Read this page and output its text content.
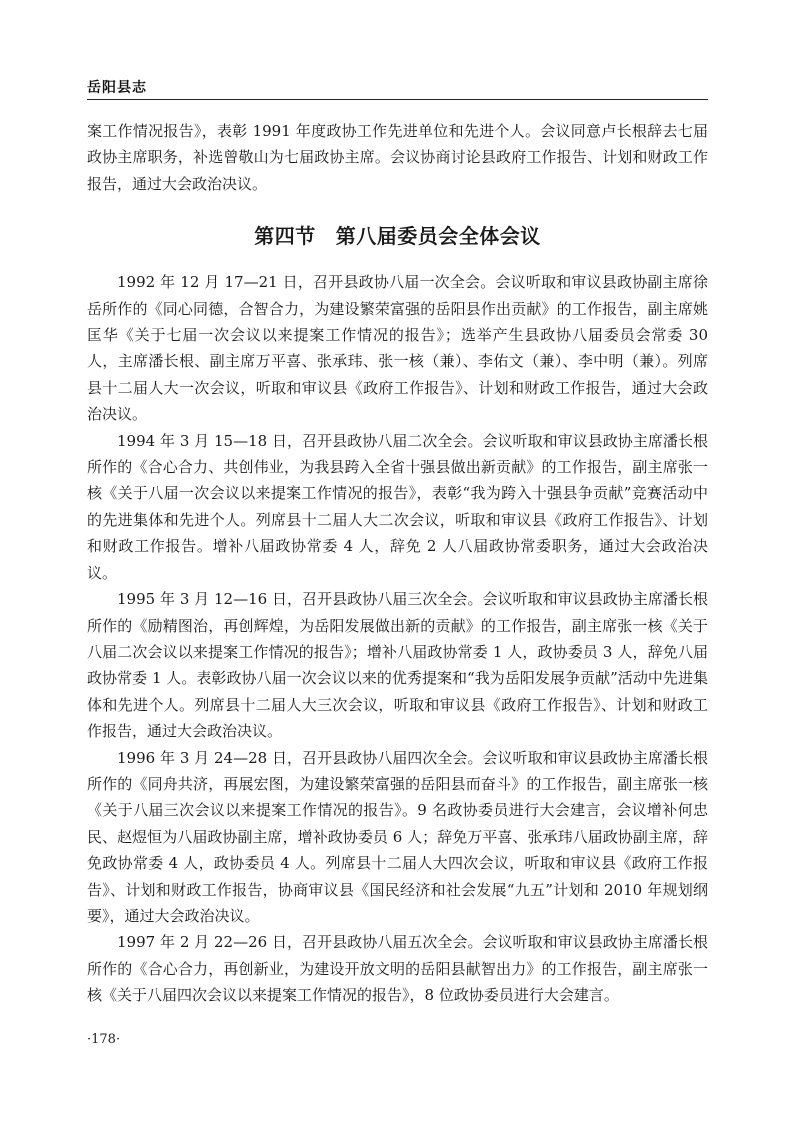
岳阳县志

案工作情况报告》，表彰 1991 年度政协工作先进单位和先进个人。会议同意卢长根辞去七届政协主席职务，补选曾敬山为七届政协主席。会议协商讨论县政府工作报告、计划和财政工作报告，通过大会政治决议。

第四节 第八届委员会全体会议

1992 年 12 月 17—21 日，召开县政协八届一次全会。会议听取和审议县政协副主席徐岳所作的《同心同德，合智合力，为建设繁荣富强的岳阳县作出贡献》的工作报告，副主席姚匡华《关于七届一次会议以来提案工作情况的报告》；选举产生县政协八届委员会常委 30 人，主席潘长根、副主席万平喜、张承玮、张一核（兼）、李佑文（兼）、李中明（兼）。列席县十二届人大一次会议，听取和审议县《政府工作报告》、计划和财政工作报告，通过大会政治决议。

1994 年 3 月 15—18 日，召开县政协八届二次全会。会议听取和审议县政协主席潘长根所作的《合心合力、共创伟业，为我县跨入全省十强县做出新贡献》的工作报告，副主席张一核《关于八届一次会议以来提案工作情况的报告》，表彰“我为跨入十强县争贡献”竞赛活动中的先进集体和先进个人。列席县十二届人大二次会议，听取和审议县《政府工作报告》、计划和财政工作报告。增补八届政协常委 4 人，辞免 2 人八届政协常委职务，通过大会政治决议。

1995 年 3 月 12—16 日，召开县政协八届三次全会。会议听取和审议县政协主席潘长根所作的《励精图治，再创辉煌，为岳阳发展做出新的贡献》的工作报告，副主席张一核《关于八届二次会议以来提案工作情况的报告》；增补八届政协常委 1 人，政协委员 3 人，辞免八届政协常委 1 人。表彰政协八届一次会议以来的优秀提案和“我为岳阳发展争贡献”活动中先进集体和先进个人。列席县十二届人大三次会议，听取和审议县《政府工作报告》、计划和财政工作报告，通过大会政治决议。

1996 年 3 月 24—28 日，召开县政协八届四次全会。会议听取和审议县政协主席潘长根所作的《同舟共济，再展宏图，为建设繁荣富强的岳阳县而奋斗》的工作报告，副主席张一核《关于八届三次会议以来提案工作情况的报告》。9 名政协委员进行大会建言，会议增补何忠民、赵煜恒为八届政协副主席，增补政协委员 6 人；辞免万平喜、张承玮八届政协副主席，辞免政协常委 4 人，政协委员 4 人。列席县十二届人大四次会议，听取和审议县《政府工作报告》、计划和财政工作报告，协商审议县《国民经济和社会发展“九五”计划和 2010 年规划纲要》，通过大会政治决议。

1997 年 2 月 22—26 日，召开县政协八届五次全会。会议听取和审议县政协主席潘长根所作的《合心合力，再创新业，为建设开放文明的岳阳县献智出力》的工作报告，副主席张一核《关于八届四次会议以来提案工作情况的报告》，8 位政协委员进行大会建言。

·178·
